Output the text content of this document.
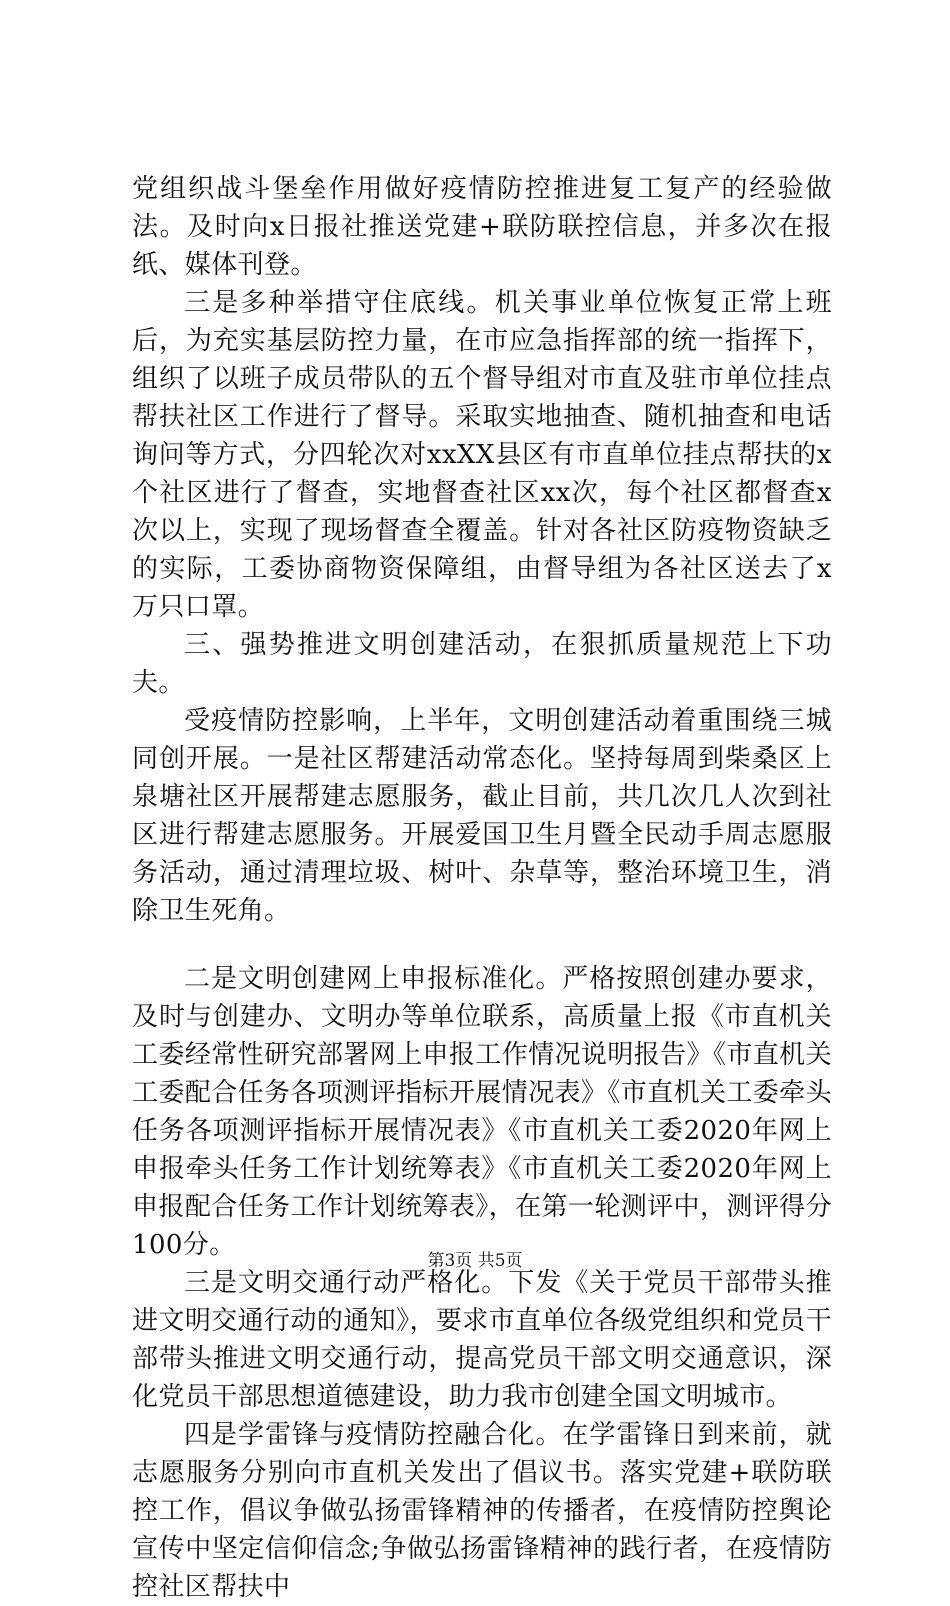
党组织战斗堡垒作用做好疫情防控推进复工复产的经验做法。及时向x日报社推送党建+联防联控信息，并多次在报纸、媒体刊登。

三是多种举措守住底线。机关事业单位恢复正常上班后，为充实基层防控力量，在市应急指挥部的统一指挥下，组织了以班子成员带队的五个督导组对市直及驻市单位挂点帮扶社区工作进行了督导。采取实地抽查、随机抽查和电话询问等方式，分四轮次对xxXX县区有市直单位挂点帮扶的x个社区进行了督查，实地督查社区xx次，每个社区都督查x次以上，实现了现场督查全覆盖。针对各社区防疫物资缺乏的实际，工委协商物资保障组，由督导组为各社区送去了x万只口罩。

三、强势推进文明创建活动，在狠抓质量规范上下功夫。

受疫情防控影响，上半年，文明创建活动着重围绕三城同创开展。一是社区帮建活动常态化。坚持每周到柴桑区上泉塘社区开展帮建志愿服务，截止目前，共几次几人次到社区进行帮建志愿服务。开展爱国卫生月暨全民动手周志愿服务活动，通过清理垃圾、树叶、杂草等，整治环境卫生，消除卫生死角。

二是文明创建网上申报标准化。严格按照创建办要求，及时与创建办、文明办等单位联系，高质量上报《市直机关工委经常性研究部署网上申报工作情况说明报告》《市直机关工委配合任务各项测评指标开展情况表》《市直机关工委牵头任务各项测评指标开展情况表》《市直机关工委2020年网上申报牵头任务工作计划统筹表》《市直机关工委2020年网上申报配合任务工作计划统筹表》，在第一轮测评中，测评得分100分。

三是文明交通行动严格化。下发《关于党员干部带头推进文明交通行动的通知》，要求市直单位各级党组织和党员干部带头推进文明交通行动，提高党员干部文明交通意识，深化党员干部思想道德建设，助力我市创建全国文明城市。

四是学雷锋与疫情防控融合化。在学雷锋日到来前，就志愿服务分别向市直机关发出了倡议书。落实党建+联防联控工作，倡议争做弘扬雷锋精神的传播者，在疫情防控舆论宣传中坚定信仰信念;争做弘扬雷锋精神的践行者，在疫情防控社区帮扶中

第3页 共5页
